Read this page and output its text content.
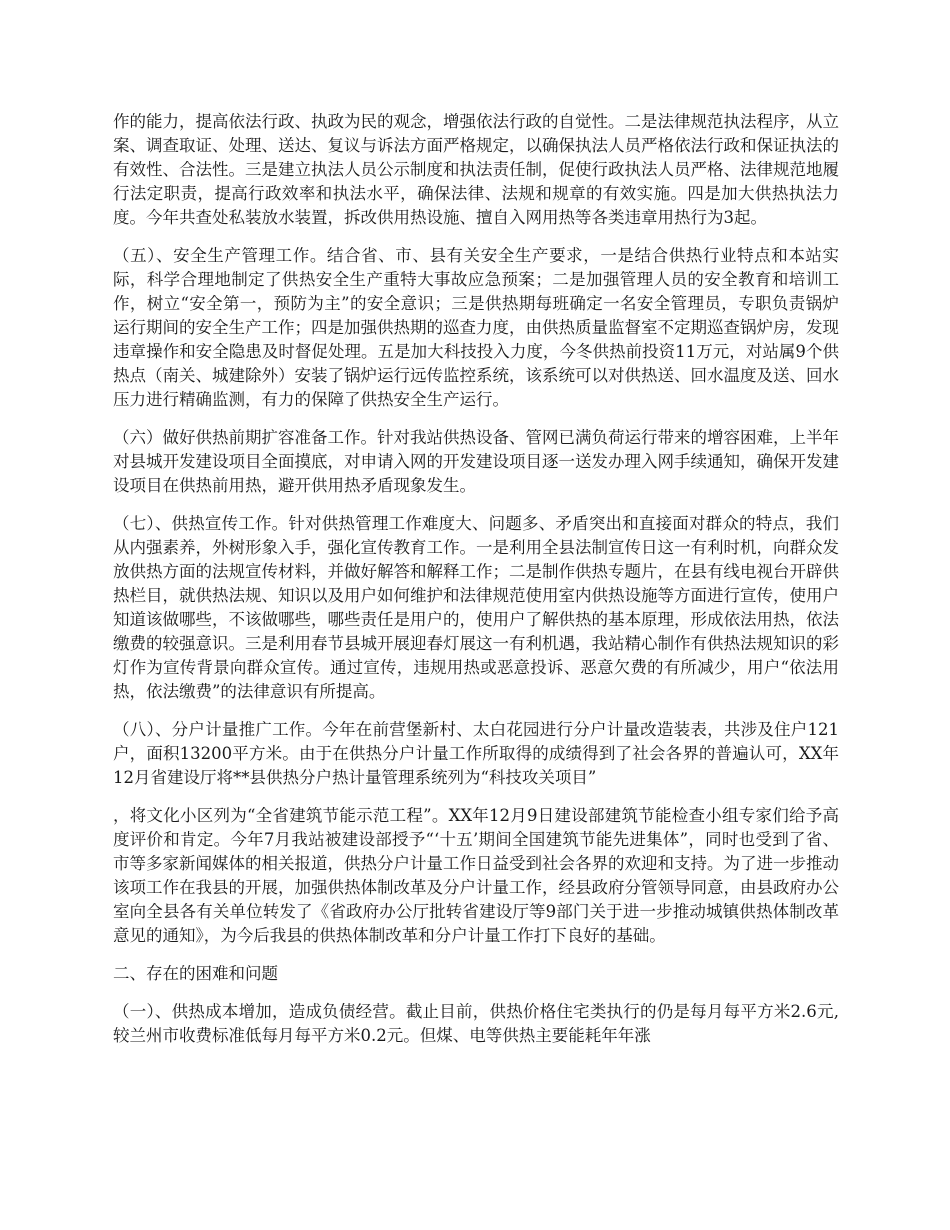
作的能力，提高依法行政、执政为民的观念，增强依法行政的自觉性。二是法律规范执法程序，从立案、调查取证、处理、送达、复议与诉法方面严格规定，以确保执法人员严格依法行政和保证执法的有效性、合法性。三是建立执法人员公示制度和执法责任制，促使行政执法人员严格、法律规范地履行法定职责，提高行政效率和执法水平，确保法律、法规和规章的有效实施。四是加大供热执法力度。今年共查处私装放水装置，拆改供用热设施、擅自入网用热等各类违章用热行为3起。

（五）、安全生产管理工作。结合省、市、县有关安全生产要求，一是结合供热行业特点和本站实际，科学合理地制定了供热安全生产重特大事故应急预案；二是加强管理人员的安全教育和培训工作，树立“安全第一，预防为主”的安全意识；三是供热期每班确定一名安全管理员，专职负责锅炉运行期间的安全生产工作；四是加强供热期的巡查力度，由供热质量监督室不定期巡查锅炉房，发现违章操作和安全隐患及时督促处理。五是加大科技投入力度，今冬供热前投资11万元，对站属9个供热点（南关、城建除外）安装了锅炉运行远传监控系统，该系统可以对供热送、回水温度及送、回水压力进行精确监测，有力的保障了供热安全生产运行。

（六）做好供热前期扩容准备工作。针对我站供热设备、管网已满负荷运行带来的增容困难，上半年对县城开发建设项目全面摸底，对申请入网的开发建设项目逐一送发办理入网手续通知，确保开发建设项目在供热前用热，避开供用热矛盾现象发生。

（七）、供热宣传工作。针对供热管理工作难度大、问题多、矛盾突出和直接面对群众的特点，我们从内强素养，外树形象入手，强化宣传教育工作。一是利用全县法制宣传日这一有利时机，向群众发放供热方面的法规宣传材料，并做好解答和解释工作；二是制作供热专题片，在县有线电视台开辟供热栏目，就供热法规、知识以及用户如何维护和法律规范使用室内供热设施等方面进行宣传，使用户知道该做哪些，不该做哪些，哪些责任是用户的，使用户了解供热的基本原理，形成依法用热，依法缴费的较强意识。三是利用春节县城开展迎春灯展这一有利机遇，我站精心制作有供热法规知识的彩灯作为宣传背景向群众宣传。通过宣传，违规用热或恶意投诉、恶意欠费的有所减少，用户“依法用热，依法缴费”的法律意识有所提高。

（八）、分户计量推广工作。今年在前营堡新村、太白花园进行分户计量改造装表，共涉及住户121户，面积13200平方米。由于在供热分户计量工作所取得的成绩得到了社会各界的普遍认可，XX年12月省建设厅将**县供热分户热计量管理系统列为“科技攻关项目”

，将文化小区列为“全省建筑节能示范工程”。XX年12月9日建设部建筑节能检查小组专家们给予高度评价和肯定。今年7月我站被建设部授予“‘十五’期间全国建筑节能先进集体”，同时也受到了省、市等多家新闻媒体的相关报道，供热分户计量工作日益受到社会各界的欢迎和支持。为了进一步推动该项工作在我县的开展，加强供热体制改革及分户计量工作，经县政府分管领导同意，由县政府办公室向全县各有关单位转发了《省政府办公厅批转省建设厅等9部门关于进一步推动城镇供热体制改革意见的通知》，为今后我县的供热体制改革和分户计量工作打下良好的基础。

二、存在的困难和问题

（一）、供热成本增加，造成负债经营。截止目前，供热价格住宅类执行的仍是每月每平方米2.6元,较兰州市收费标准低每月每平方米0.2元。但煤、电等供热主要能耗年年涨
